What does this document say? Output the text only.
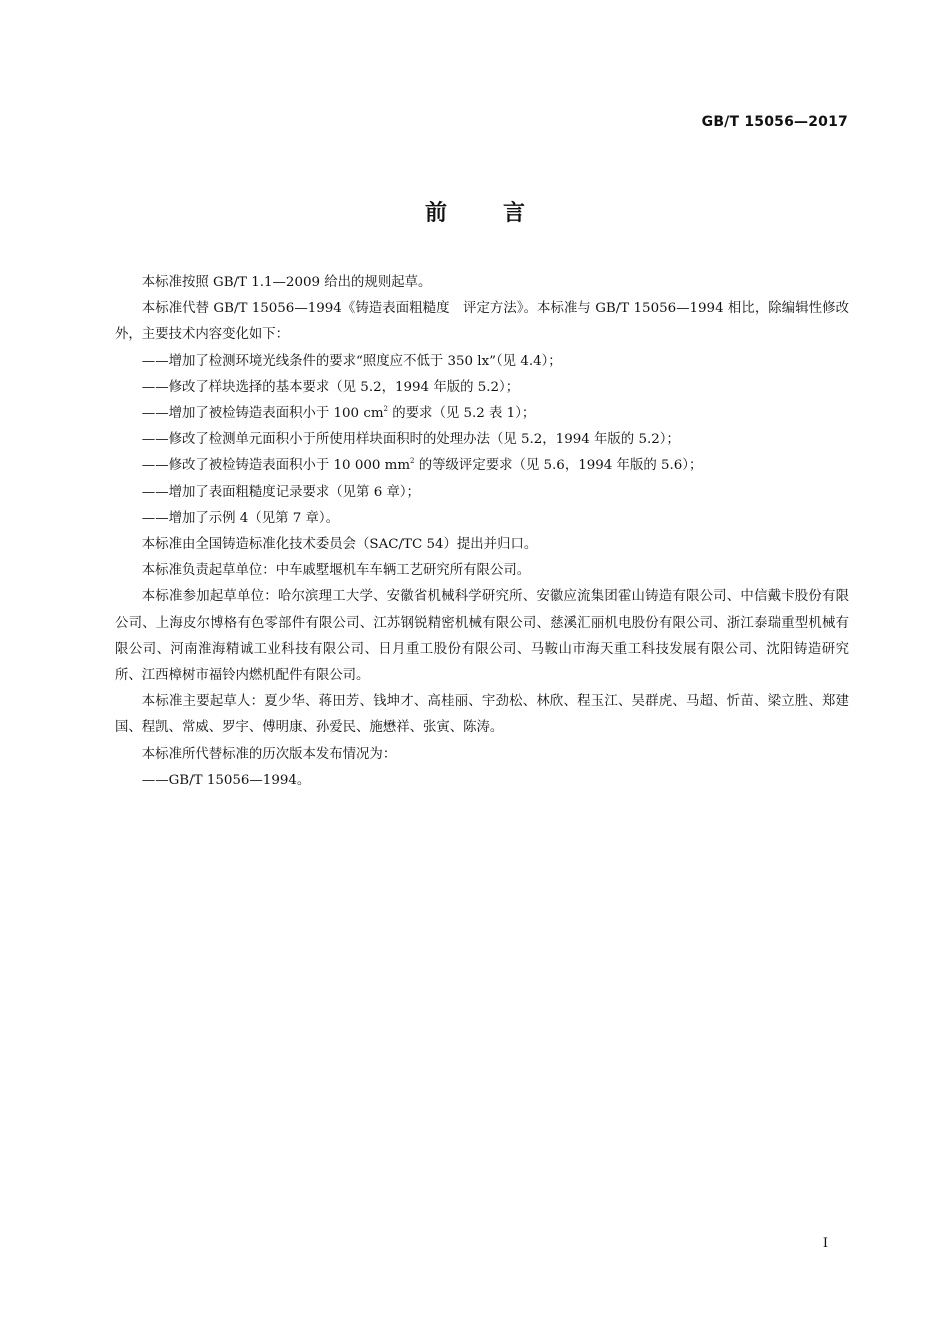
GB/T 15056—2017
前言

本标准按照 GB/T 1.1—2009 给出的规则起草。

本标准代替 GB/T 15056—1994《铸造表面粗糙度　评定方法》。本标准与 GB/T 15056—1994 相比，除编辑性修改外，主要技术内容变化如下：

——增加了检测环境光线条件的要求“照度应不低于 350 lx”（见 4.4）；

——修改了样块选择的基本要求（见 5.2，1994 年版的 5.2）；

——增加了被检铸造表面积小于 100 $cm^2$ 的要求（见 5.2 表 1）；

——修改了检测单元面积小于所使用样块面积时的处理办法（见 5.2，1994 年版的 5.2）；

——修改了被检铸造表面积小于 10 000 $mm^2$ 的等级评定要求（见 5.6，1994 年版的 5.6）；

——增加了表面粗糙度记录要求（见第 6 章）；

——增加了示例 4（见第 7 章）。

本标准由全国铸造标准化技术委员会（SAC/TC 54）提出并归口。

本标准负责起草单位：中车戚墅堰机车车辆工艺研究所有限公司。

本标准参加起草单位：哈尔滨理工大学、安徽省机械科学研究所、安徽应流集团霍山铸造有限公司、中信戴卡股份有限公司、上海皮尔博格有色零部件有限公司、江苏钢锐精密机械有限公司、慈溪汇丽机电股份有限公司、浙江泰瑞重型机械有限公司、河南淮海精诚工业科技有限公司、日月重工股份有限公司、马鞍山市海天重工科技发展有限公司、沈阳铸造研究所、江西樟树市福铃内燃机配件有限公司。

本标准主要起草人：夏少华、蒋田芳、钱坤才、高桂丽、宇劲松、林欣、程玉江、吴群虎、马超、忻苗、梁立胜、郑建国、程凯、常威、罗宇、傅明康、孙爱民、施懋祥、张寅、陈涛。

本标准所代替标准的历次版本发布情况为：

——GB/T 15056—1994。

I
